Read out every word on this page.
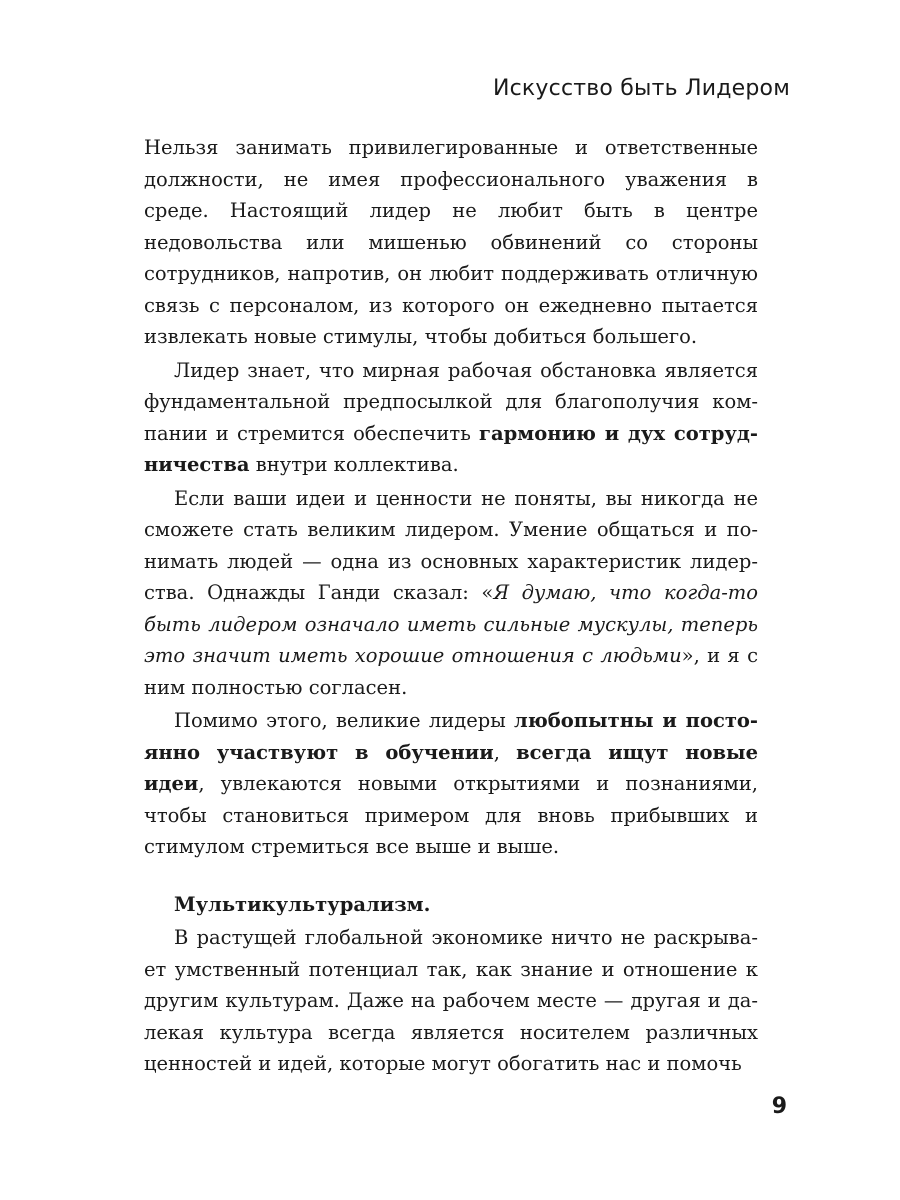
Искусство быть Лидером

Нельзя занимать привилегированные и ответственные должности, не имея профессионального уважения в среде. Настоящий лидер не любит быть в центре недовольства или мишенью обвинений со стороны сотрудников, напротив, он любит поддерживать отличную связь с персоналом, из которого он ежедневно пытается извлекать новые стимулы, чтобы добиться большего.

Лидер знает, что мирная рабочая обстановка является фундаментальной предпосылкой для благополучия компании и стремится обеспечить гармонию и дух сотрудничества внутри коллектива.

Если ваши идеи и ценности не поняты, вы никогда не сможете стать великим лидером. Умение общаться и понимать людей — одна из основных характеристик лидерства. Однажды Ганди сказал: «Я думаю, что когда-то быть лидером означало иметь сильные мускулы, теперь это значит иметь хорошие отношения с людьми», и я с ним полностью согласен.

Помимо этого, великие лидеры любопытны и постоянно участвуют в обучении, всегда ищут новые идеи, увлекаются новыми открытиями и познаниями, чтобы становиться примером для вновь прибывших и стимулом стремиться все выше и выше.

Мультикультурализм.

В растущей глобальной экономике ничто не раскрывает умственный потенциал так, как знание и отношение к другим культурам. Даже на рабочем месте — другая и далекая культура всегда является носителем различных ценностей и идей, которые могут обогатить нас и помочь

9
